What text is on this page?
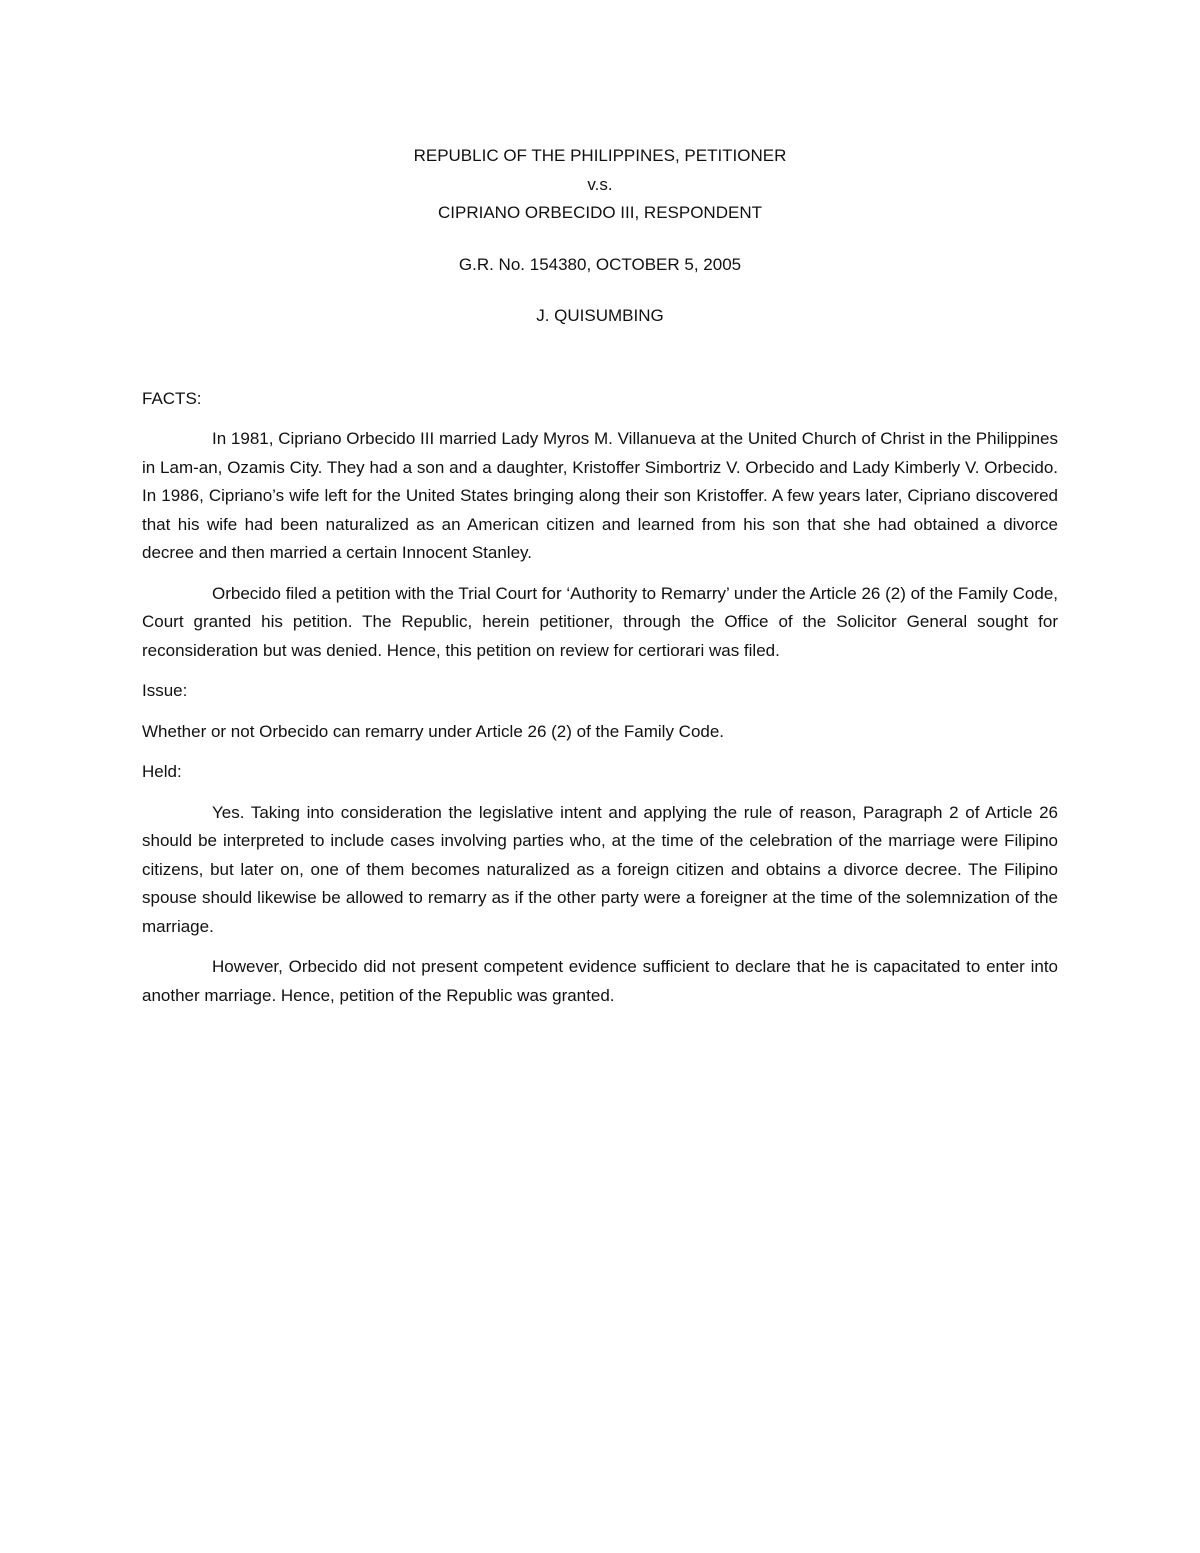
REPUBLIC OF THE PHILIPPINES, PETITIONER

v.s.

CIPRIANO ORBECIDO III, RESPONDENT

G.R. No. 154380, OCTOBER 5, 2005

J. QUISUMBING

FACTS:

In 1981, Cipriano Orbecido III married Lady Myros M. Villanueva at the United Church of Christ in the Philippines in Lam-an, Ozamis City. They had a son and a daughter, Kristoffer Simbortriz V. Orbecido and Lady Kimberly V. Orbecido. In 1986, Cipriano’s wife left for the United States bringing along their son Kristoffer. A few years later, Cipriano discovered that his wife had been naturalized as an American citizen and learned from his son that she had obtained a divorce decree and then married a certain Innocent Stanley.

Orbecido filed a petition with the Trial Court for ‘Authority to Remarry’ under the Article 26 (2) of the Family Code, Court granted his petition. The Republic, herein petitioner, through the Office of the Solicitor General sought for reconsideration but was denied. Hence, this petition on review for certiorari was filed.

Issue:

Whether or not Orbecido can remarry under Article 26 (2) of the Family Code.

Held:

Yes. Taking into consideration the legislative intent and applying the rule of reason, Paragraph 2 of Article 26 should be interpreted to include cases involving parties who, at the time of the celebration of the marriage were Filipino citizens, but later on, one of them becomes naturalized as a foreign citizen and obtains a divorce decree. The Filipino spouse should likewise be allowed to remarry as if the other party were a foreigner at the time of the solemnization of the marriage.

However, Orbecido did not present competent evidence sufficient to declare that he is capacitated to enter into another marriage. Hence, petition of the Republic was granted.
